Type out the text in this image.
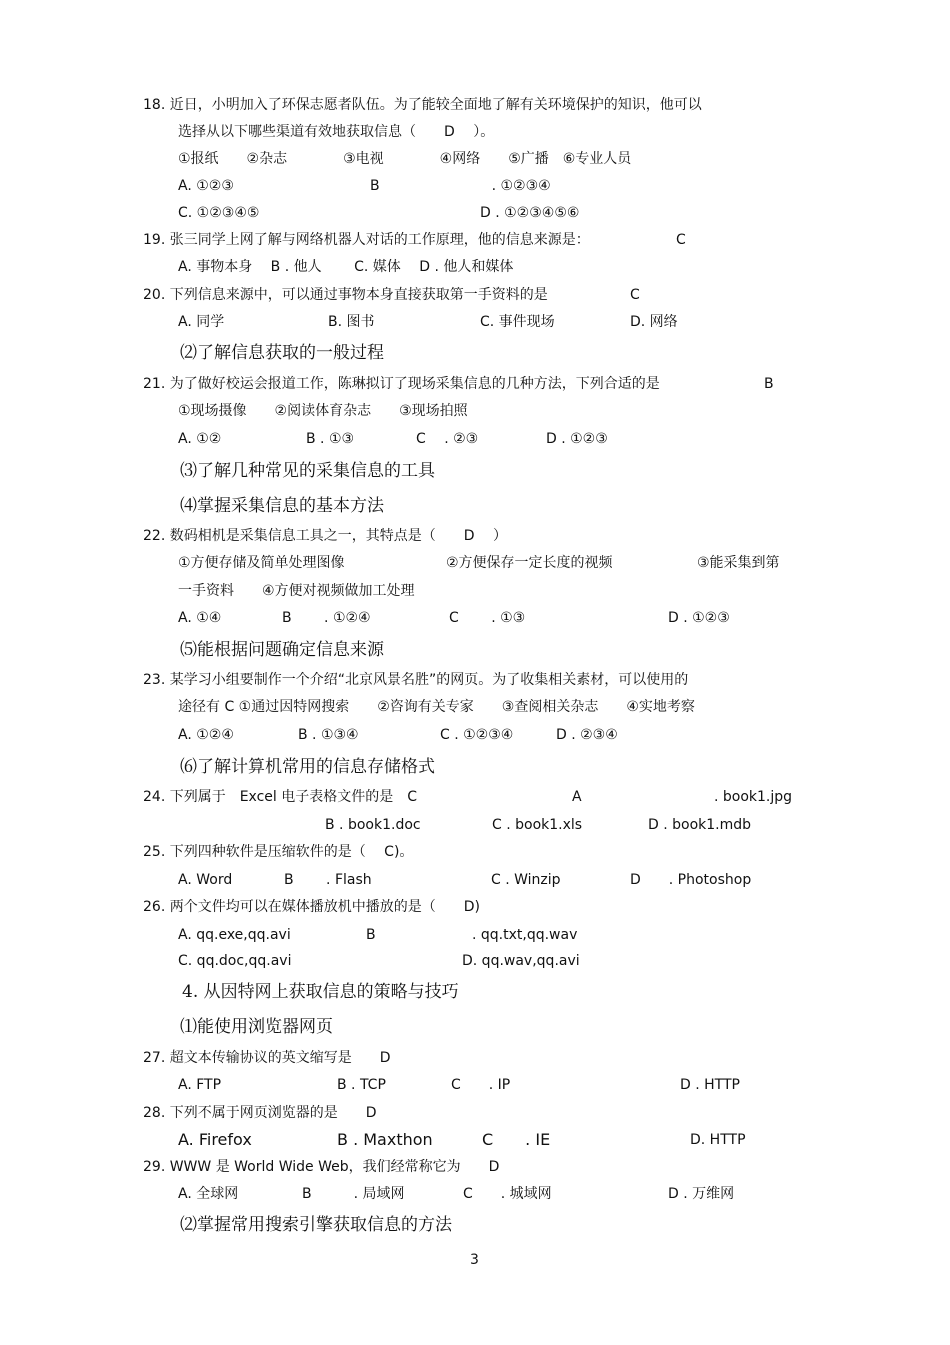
18. 近日，小明加入了环保志愿者队伍。为了能较全面地了解有关环境保护的知识，他可以
选择从以下哪些渠道有效地获取信息（　　D　 ）。
①报纸　　②杂志　　　　③电视　　　　④网络　　⑤广播　⑥专业人员
A. ①②③	B　　　　　　　　. ①②③④
C. ①②③④⑤	D . ①②③④⑤⑥
19. 张三同学上网了解与网络机器人对话的工作原理，他的信息来源是：	C
A. 事物本身　 B . 他人　　 C. 媒体　 D . 他人和媒体
20. 下列信息来源中，可以通过事物本身直接获取第一手资料的是	C
A. 同学	B. 图书	C. 事件现场	D. 网络
⑵了解信息获取的一般过程
21. 为了做好校运会报道工作，陈琳拟订了现场采集信息的几种方法，下列合适的是	B
①现场摄像　　②阅读体育杂志　　③现场拍照
A. ①②	B . ①③	C　 . ②③	D . ①②③
⑶了解几种常见的采集信息的工具
⑷掌握采集信息的基本方法
22. 数码相机是采集信息工具之一，其特点是（　　D　 ）
①方便存储及简单处理图像	②方便保存一定长度的视频	③能采集到第
一手资料　　④方便对视频做加工处理
A. ①④	B　　 . ①②④	C　　 . ①③	D . ①②③
⑸能根据问题确定信息来源
23. 某学习小组要制作一个介绍“北京风景名胜”的网页。为了收集相关素材，可以使用的
途径有 C ①通过因特网搜索　　②咨询有关专家　　③查阅相关杂志　　④实地考察
A. ①②④	B . ①③④	C . ①②③④	D . ②③④
⑹了解计算机常用的信息存储格式
24. 下列属于　Excel 电子表格文件的是　C	A	. book1.jpg
B . book1.doc	C . book1.xls	D . book1.mdb
25. 下列四种软件是压缩软件的是（　 C)。
A. Word	B　　 . Flash	C . Winzip	D　　. Photoshop
26. 两个文件均可以在媒体播放机中播放的是（　　D)
A. qq.exe,qq.avi	B	. qq.txt,qq.wav
C. qq.doc,qq.avi	D. qq.wav,qq.avi
4. 从因特网上获取信息的策略与技巧
⑴能使用浏览器网页
27. 超文本传输协议的英文缩写是　　D
A. FTP	B . TCP	C　　. IP	D . HTTP
28. 下列不属于网页浏览器的是　　D
A. Firefox	B . Maxthon	C　　. IE	D. HTTP
29. WWW 是 World Wide Web，我们经常称它为　　D
A. 全球网	B　　　. 局域网	C　　. 城域网	D . 万维网
⑵掌握常用搜索引擎获取信息的方法
3
